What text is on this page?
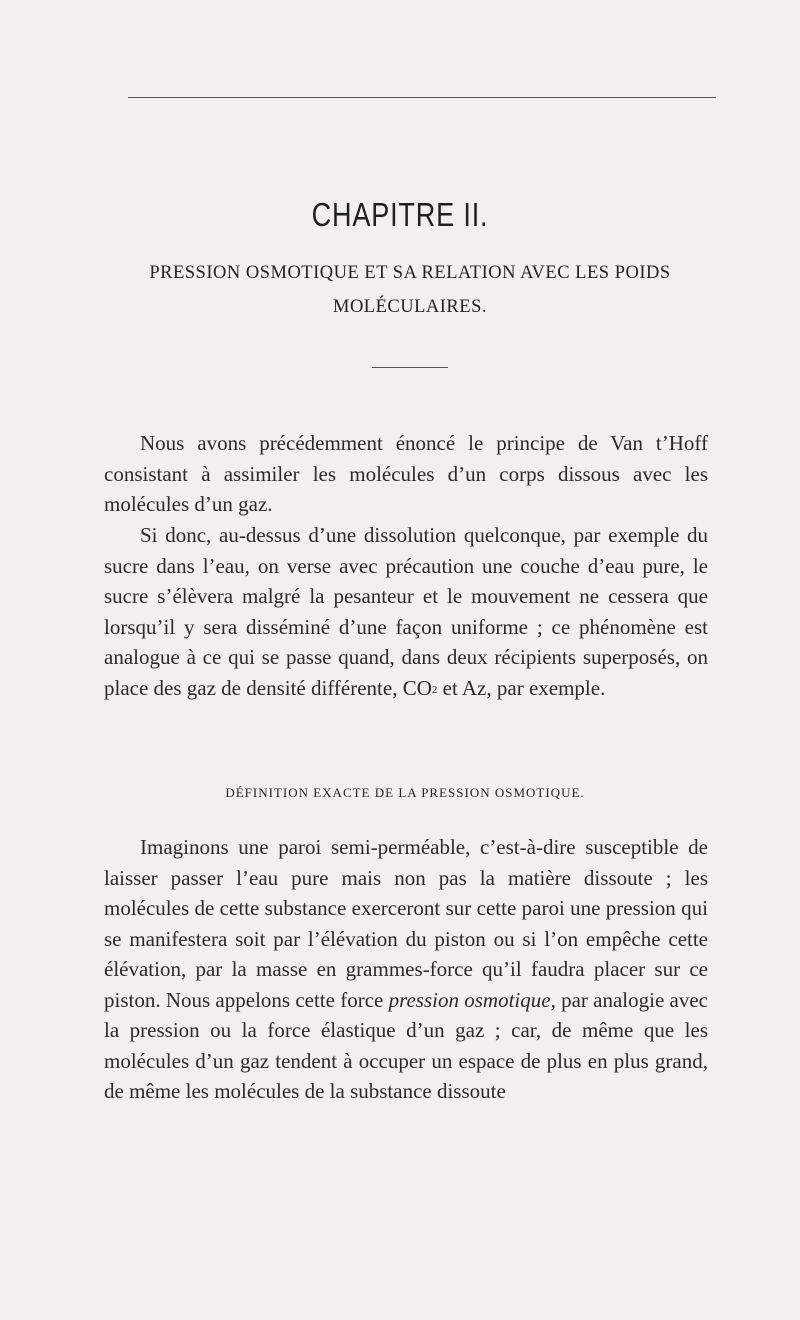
CHAPITRE II.
PRESSION OSMOTIQUE ET SA RELATION AVEC LES POIDS
MOLÉCULAIRES.

Nous avons précédemment énoncé le principe de Van t’Hoff consistant à assimiler les molécules d’un corps dissous avec les molécules d’un gaz.

Si donc, au-dessus d’une dissolution quelconque, par exemple du sucre dans l’eau, on verse avec précaution une couche d’eau pure, le sucre s’élèvera malgré la pesanteur et le mouvement ne cessera que lorsqu’il y sera disséminé d’une façon uniforme ; ce phénomène est analogue à ce qui se passe quand, dans deux récipients superposés, on place des gaz de densité différente, $CO^2$ et Az, par exemple.

DÉFINITION EXACTE DE LA PRESSION OSMOTIQUE.

Imaginons une paroi semi-perméable, c’est-à-dire susceptible de laisser passer l’eau pure mais non pas la matière dissoute ; les molécules de cette substance exerceront sur cette paroi une pression qui se manifestera soit par l’élévation du piston ou si l’on empêche cette élévation, par la masse en grammes-force qu’il faudra placer sur ce piston. Nous appelons cette force pression osmotique, par analogie avec la pression ou la force élastique d’un gaz ; car, de même que les molécules d’un gaz tendent à occuper un espace de plus en plus grand, de même les molécules de la substance dissoute
